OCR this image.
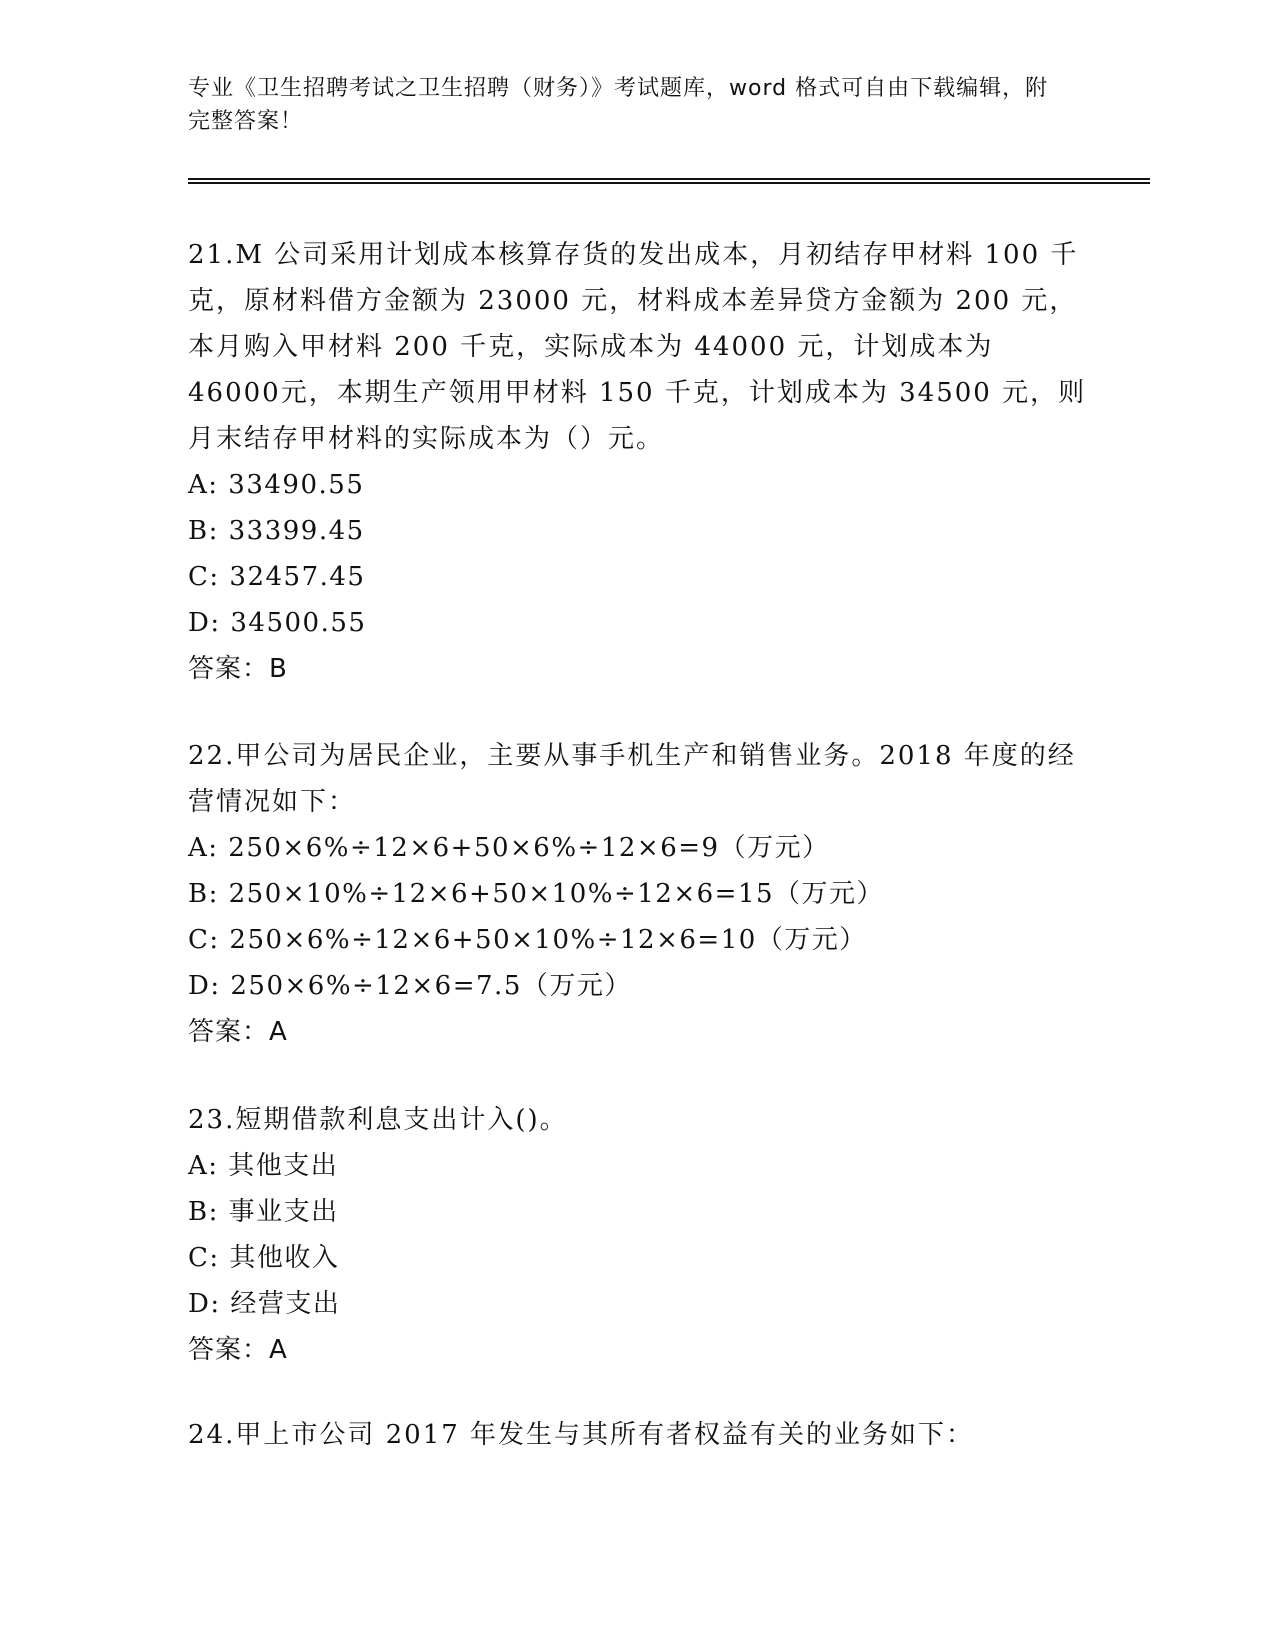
专业《卫生招聘考试之卫生招聘（财务）》考试题库，word 格式可自由下载编辑，附完整答案！

21.M 公司采用计划成本核算存货的发出成本，月初结存甲材料 100 千克，原材料借方金额为 23000 元，材料成本差异贷方金额为 200 元，本月购入甲材料 200 千克，实际成本为 44000 元，计划成本为 46000元，本期生产领用甲材料 150 千克，计划成本为 34500 元，则月末结存甲材料的实际成本为（）元。

A: 33490.55

B: 33399.45

C: 32457.45

D: 34500.55

答案：B

22.甲公司为居民企业，主要从事手机生产和销售业务。2018 年度的经营情况如下：

A: 250×6%÷12×6+50×6%÷12×6=9（万元）

B: 250×10%÷12×6+50×10%÷12×6=15（万元）

C: 250×6%÷12×6+50×10%÷12×6=10（万元）

D: 250×6%÷12×6=7.5（万元）

答案：A

23.短期借款利息支出计入()。

A: 其他支出

B: 事业支出

C: 其他收入

D: 经营支出

答案：A

24.甲上市公司 2017 年发生与其所有者权益有关的业务如下：
